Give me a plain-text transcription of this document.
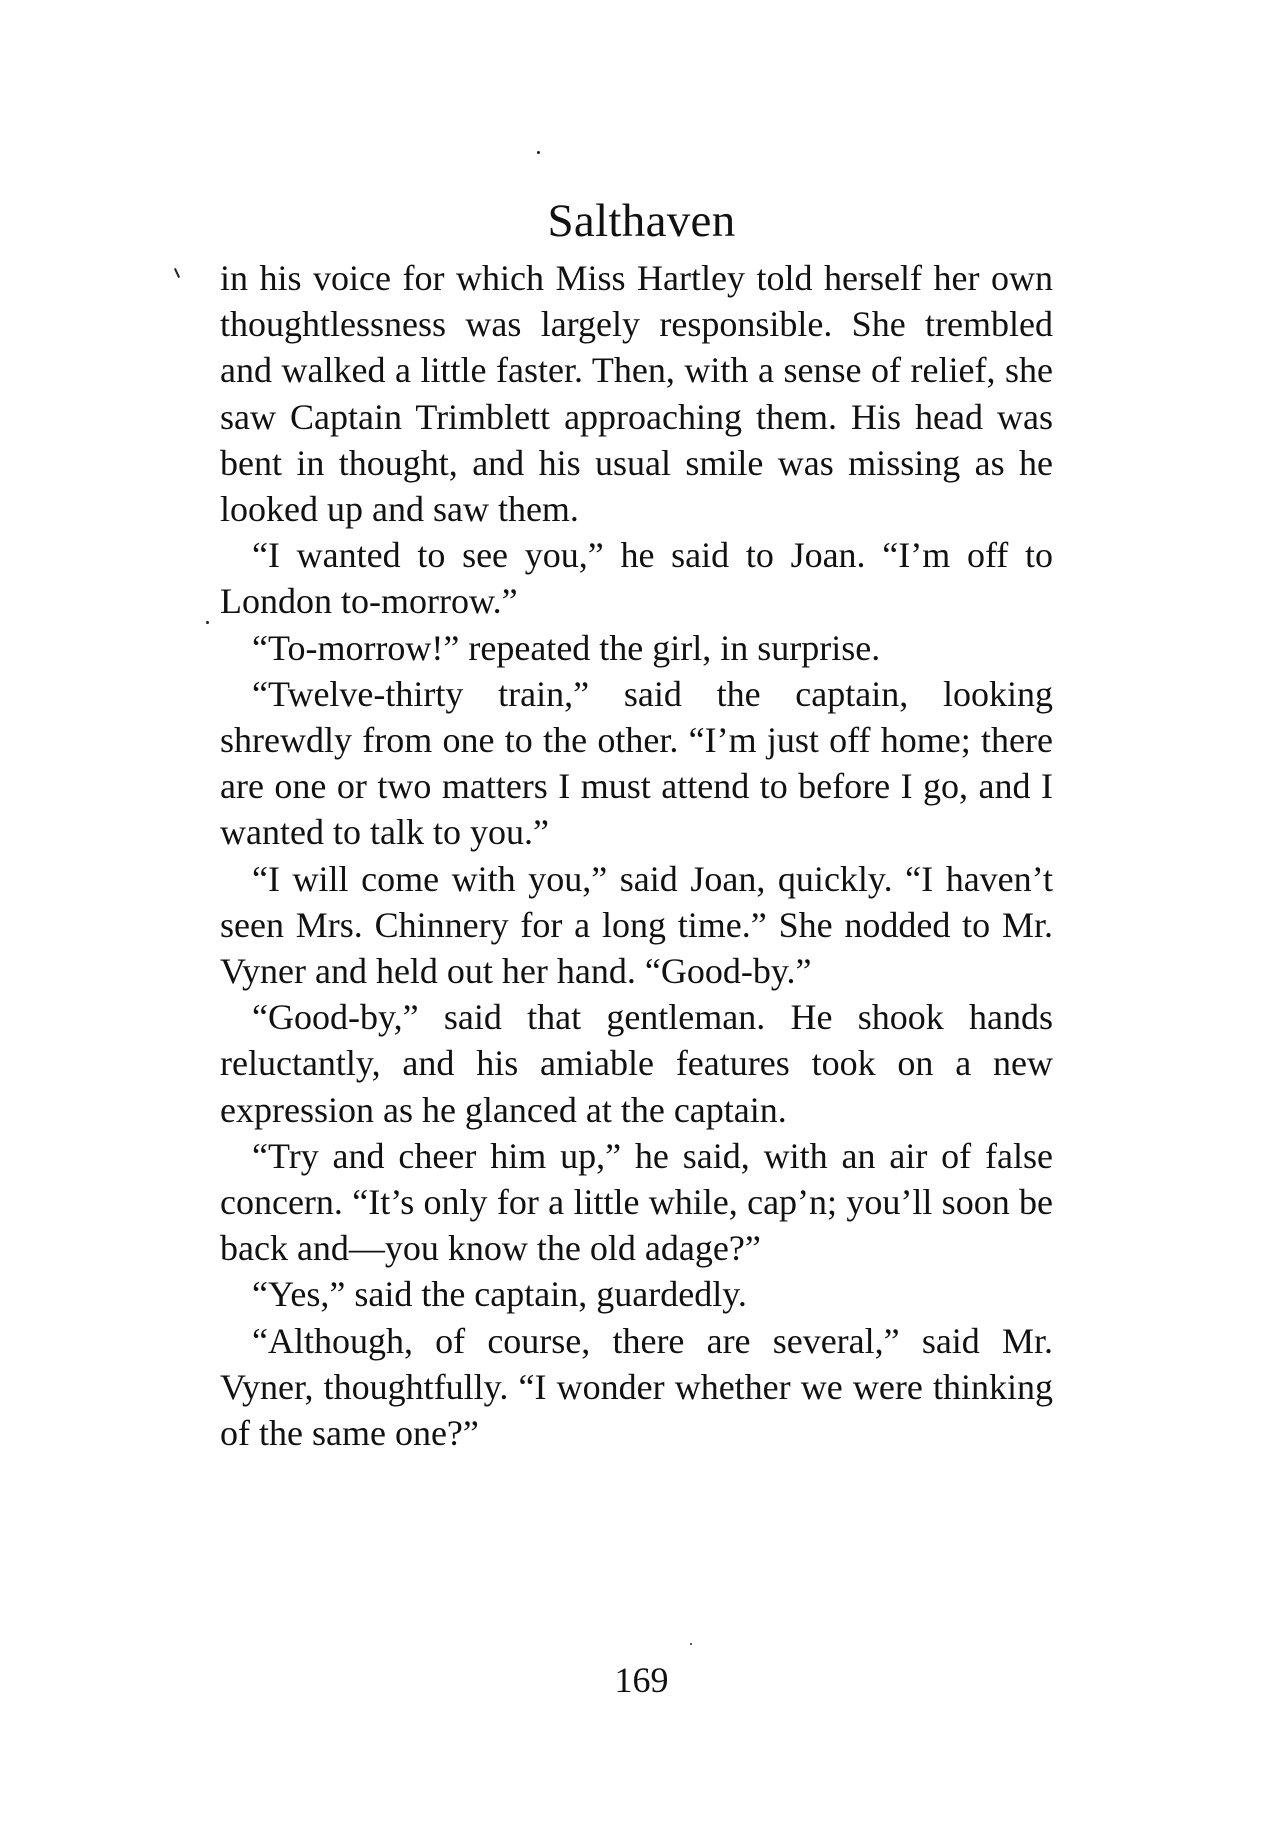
Salthaven

in his voice for which Miss Hartley told herself her own thoughtlessness was largely responsible. She trembled and walked a little faster. Then, with a sense of relief, she saw Captain Trimblett approaching them. His head was bent in thought, and his usual smile was missing as he looked up and saw them.

“I wanted to see you,” he said to Joan. “I’m off to London to-morrow.”

“To-morrow!” repeated the girl, in surprise.

“Twelve-thirty train,” said the captain, looking shrewdly from one to the other. “I’m just off home; there are one or two matters I must attend to before I go, and I wanted to talk to you.”

“I will come with you,” said Joan, quickly. “I haven’t seen Mrs. Chinnery for a long time.” She nodded to Mr. Vyner and held out her hand. “Good-by.”

“Good-by,” said that gentleman. He shook hands reluctantly, and his amiable features took on a new expression as he glanced at the captain.

“Try and cheer him up,” he said, with an air of false concern. “It’s only for a little while, cap’n; you’ll soon be back and—you know the old adage?”

“Yes,” said the captain, guardedly.

“Although, of course, there are several,” said Mr. Vyner, thoughtfully. “I wonder whether we were thinking of the same one?”

169
